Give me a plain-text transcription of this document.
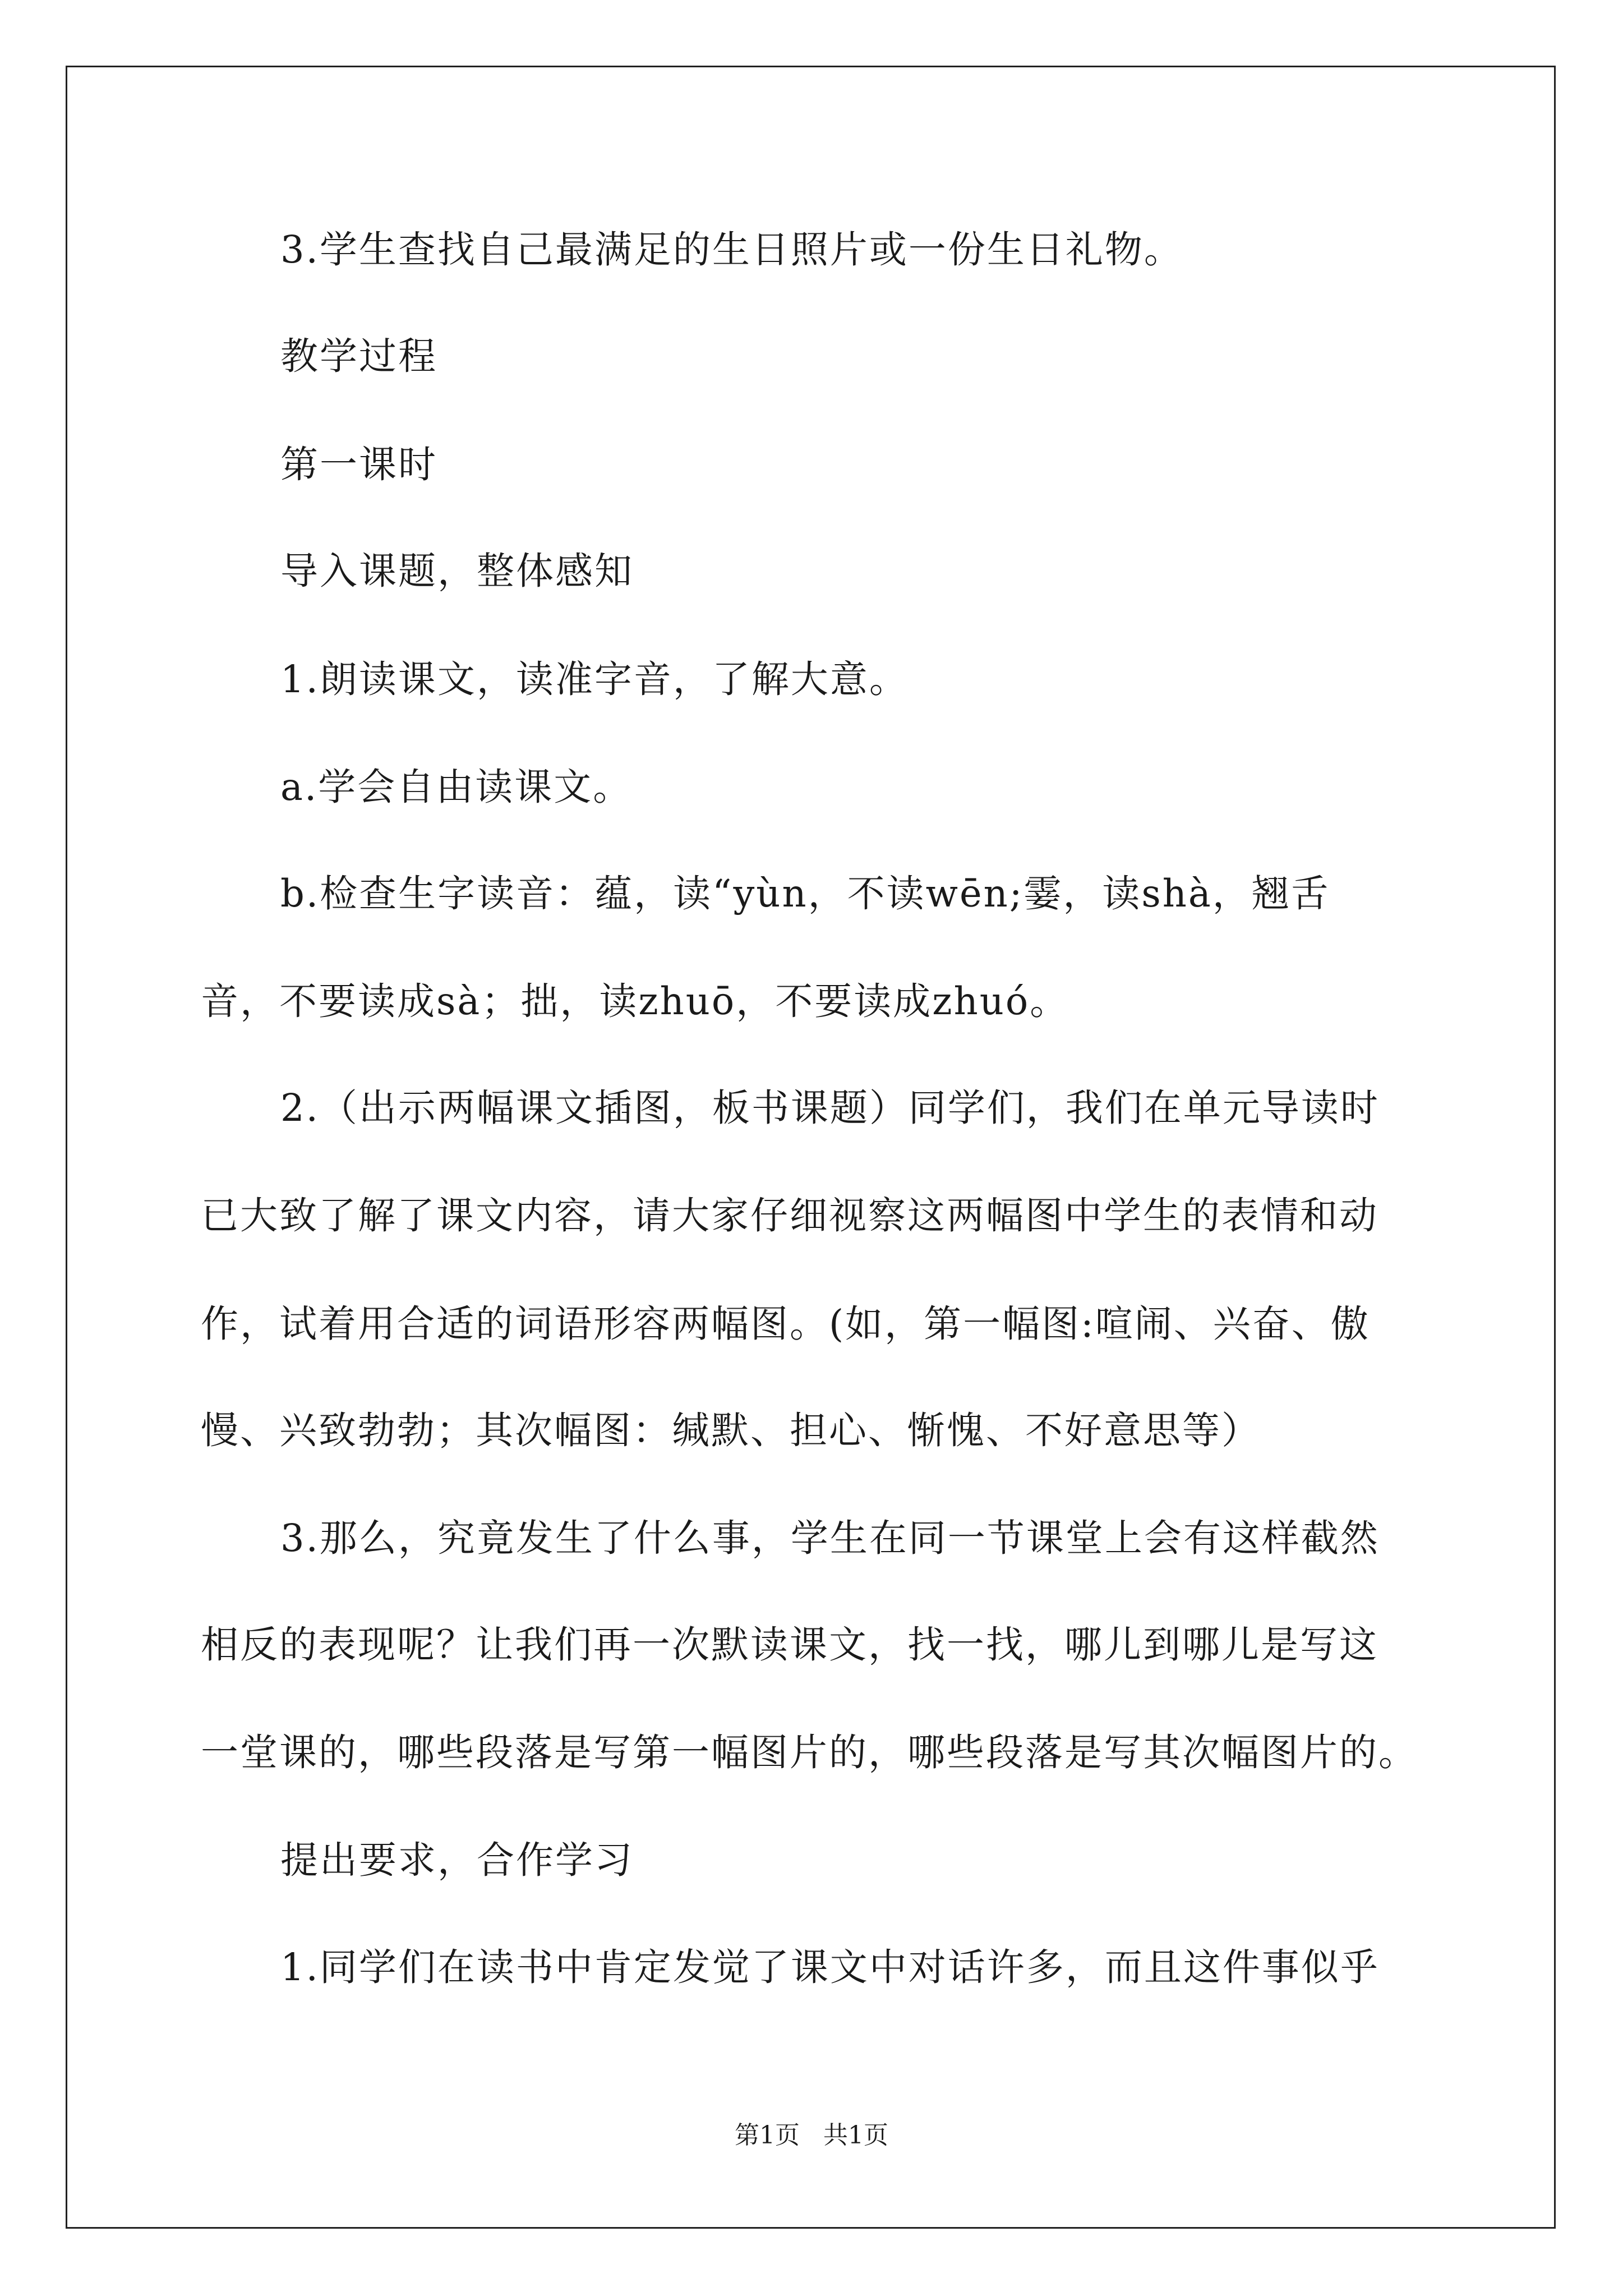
3.学生查找自己最满足的生日照片或一份生日礼物。
教学过程
第一课时
导入课题，整体感知
1.朗读课文，读准字音，了解大意。
a.学会自由读课文。
b.检查生字读音：蕴，读“yùn，不读wēn;霎，读shà，翘舌
音，不要读成sà；拙，读zhuō，不要读成zhuó。
2.（出示两幅课文插图，板书课题）同学们，我们在单元导读时
已大致了解了课文内容，请大家仔细视察这两幅图中学生的表情和动
作，试着用合适的词语形容两幅图。(如，第一幅图:喧闹、兴奋、傲
慢、兴致勃勃；其次幅图：缄默、担心、惭愧、不好意思等）
3.那么，究竟发生了什么事，学生在同一节课堂上会有这样截然
相反的表现呢？让我们再一次默读课文，找一找，哪儿到哪儿是写这
一堂课的，哪些段落是写第一幅图片的，哪些段落是写其次幅图片的。
提出要求，合作学习
1.同学们在读书中肯定发觉了课文中对话许多，而且这件事似乎
第1页   共1页
